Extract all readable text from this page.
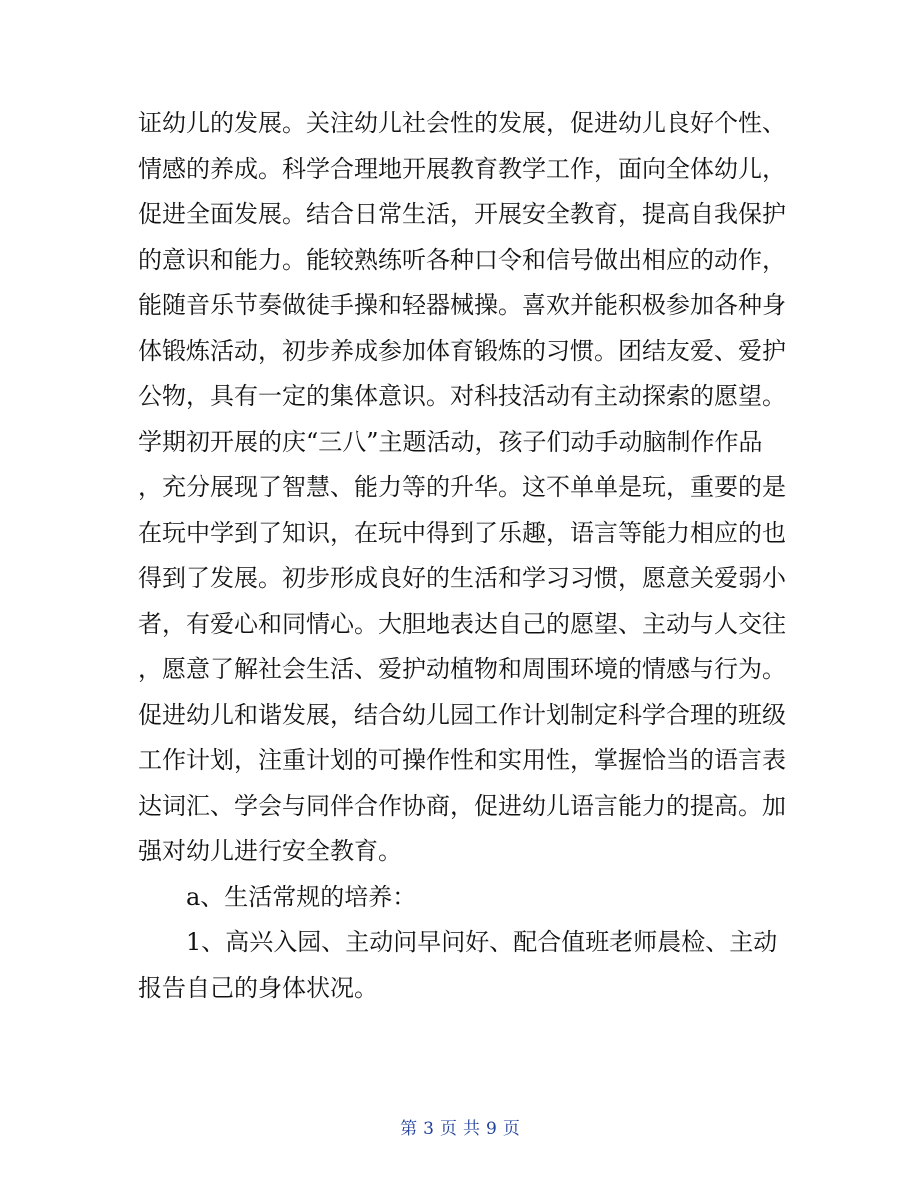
证幼儿的发展。关注幼儿社会性的发展，促进幼儿良好个性、
情感的养成。科学合理地开展教育教学工作，面向全体幼儿，
促进全面发展。结合日常生活，开展安全教育，提高自我保护
的意识和能力。能较熟练听各种口令和信号做出相应的动作，
能随音乐节奏做徒手操和轻器械操。喜欢并能积极参加各种身
体锻炼活动，初步养成参加体育锻炼的习惯。团结友爱、爱护
公物，具有一定的集体意识。对科技活动有主动探索的愿望。
学期初开展的庆“三八”主题活动，孩子们动手动脑制作作品
，充分展现了智慧、能力等的升华。这不单单是玩，重要的是
在玩中学到了知识，在玩中得到了乐趣，语言等能力相应的也
得到了发展。初步形成良好的生活和学习习惯，愿意关爱弱小
者，有爱心和同情心。大胆地表达自己的愿望、主动与人交往
，愿意了解社会生活、爱护动植物和周围环境的情感与行为。
促进幼儿和谐发展，结合幼儿园工作计划制定科学合理的班级
工作计划，注重计划的可操作性和实用性，掌握恰当的语言表
达词汇、学会与同伴合作协商，促进幼儿语言能力的提高。加
强对幼儿进行安全教育。
a、生活常规的培养：
1、高兴入园、主动问早问好、配合值班老师晨检、主动
报告自己的身体状况。
第 3 页 共 9 页
